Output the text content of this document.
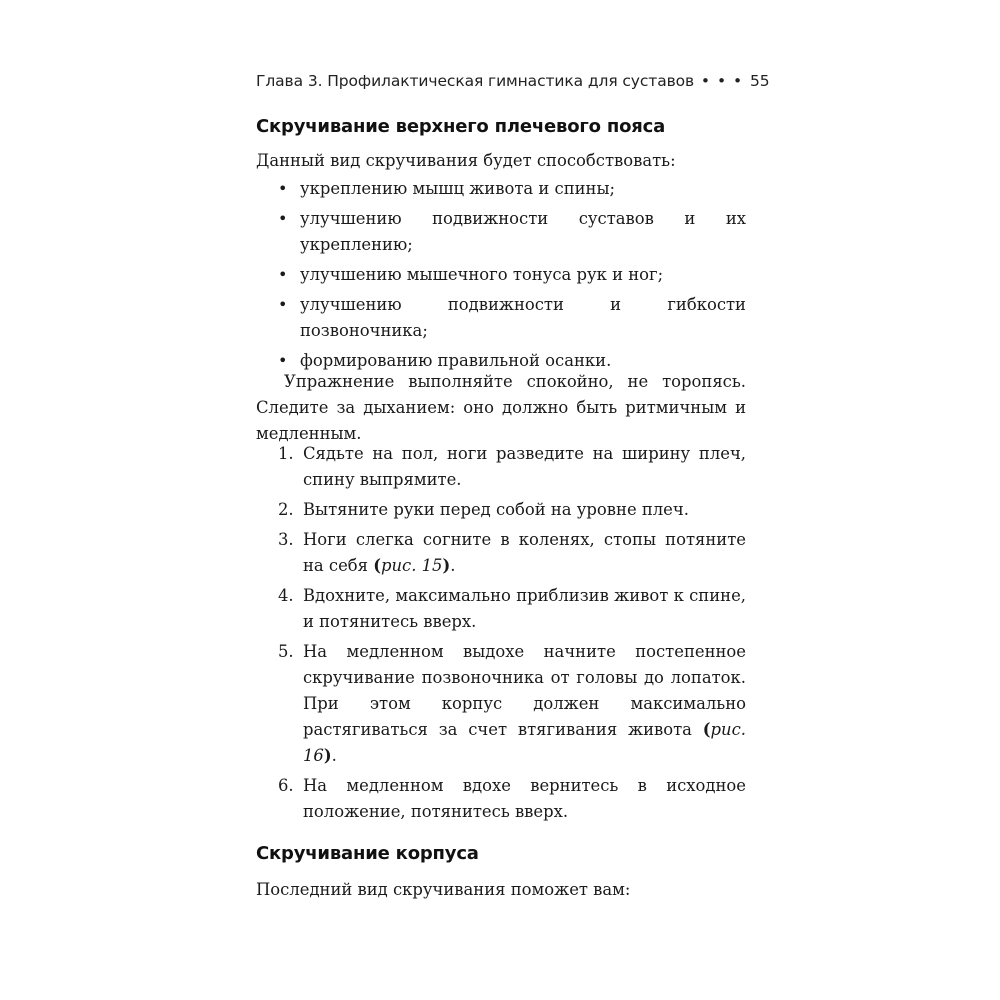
Глава 3. Профилактическая гимнастика для суставов • • • 55
Скручивание верхнего плечевого пояса
Данный вид скручивания будет способствовать:
• укреплению мышц живота и спины;
• улучшению подвижности суставов и их укреплению;
• улучшению мышечного тонуса рук и ног;
• улучшению подвижности и гибкости позвоночника;
• формированию правильной осанки.
Упражнение выполняйте спокойно, не торопясь. Следите за дыханием: оно должно быть ритмичным и медленным.
1. Сядьте на пол, ноги разведите на ширину плеч, спину выпрямите.
2. Вытяните руки перед собой на уровне плеч.
3. Ноги слегка согните в коленях, стопы потяните на себя (рис. 15).
4. Вдохните, максимально приблизив живот к спине, и потянитесь вверх.
5. На медленном выдохе начните постепенное скручивание позвоночника от головы до лопаток. При этом корпус должен максимально растягиваться за счет втягивания живота (рис. 16).
6. На медленном вдохе вернитесь в исходное положение, потянитесь вверх.
Скручивание корпуса
Последний вид скручивания поможет вам:
